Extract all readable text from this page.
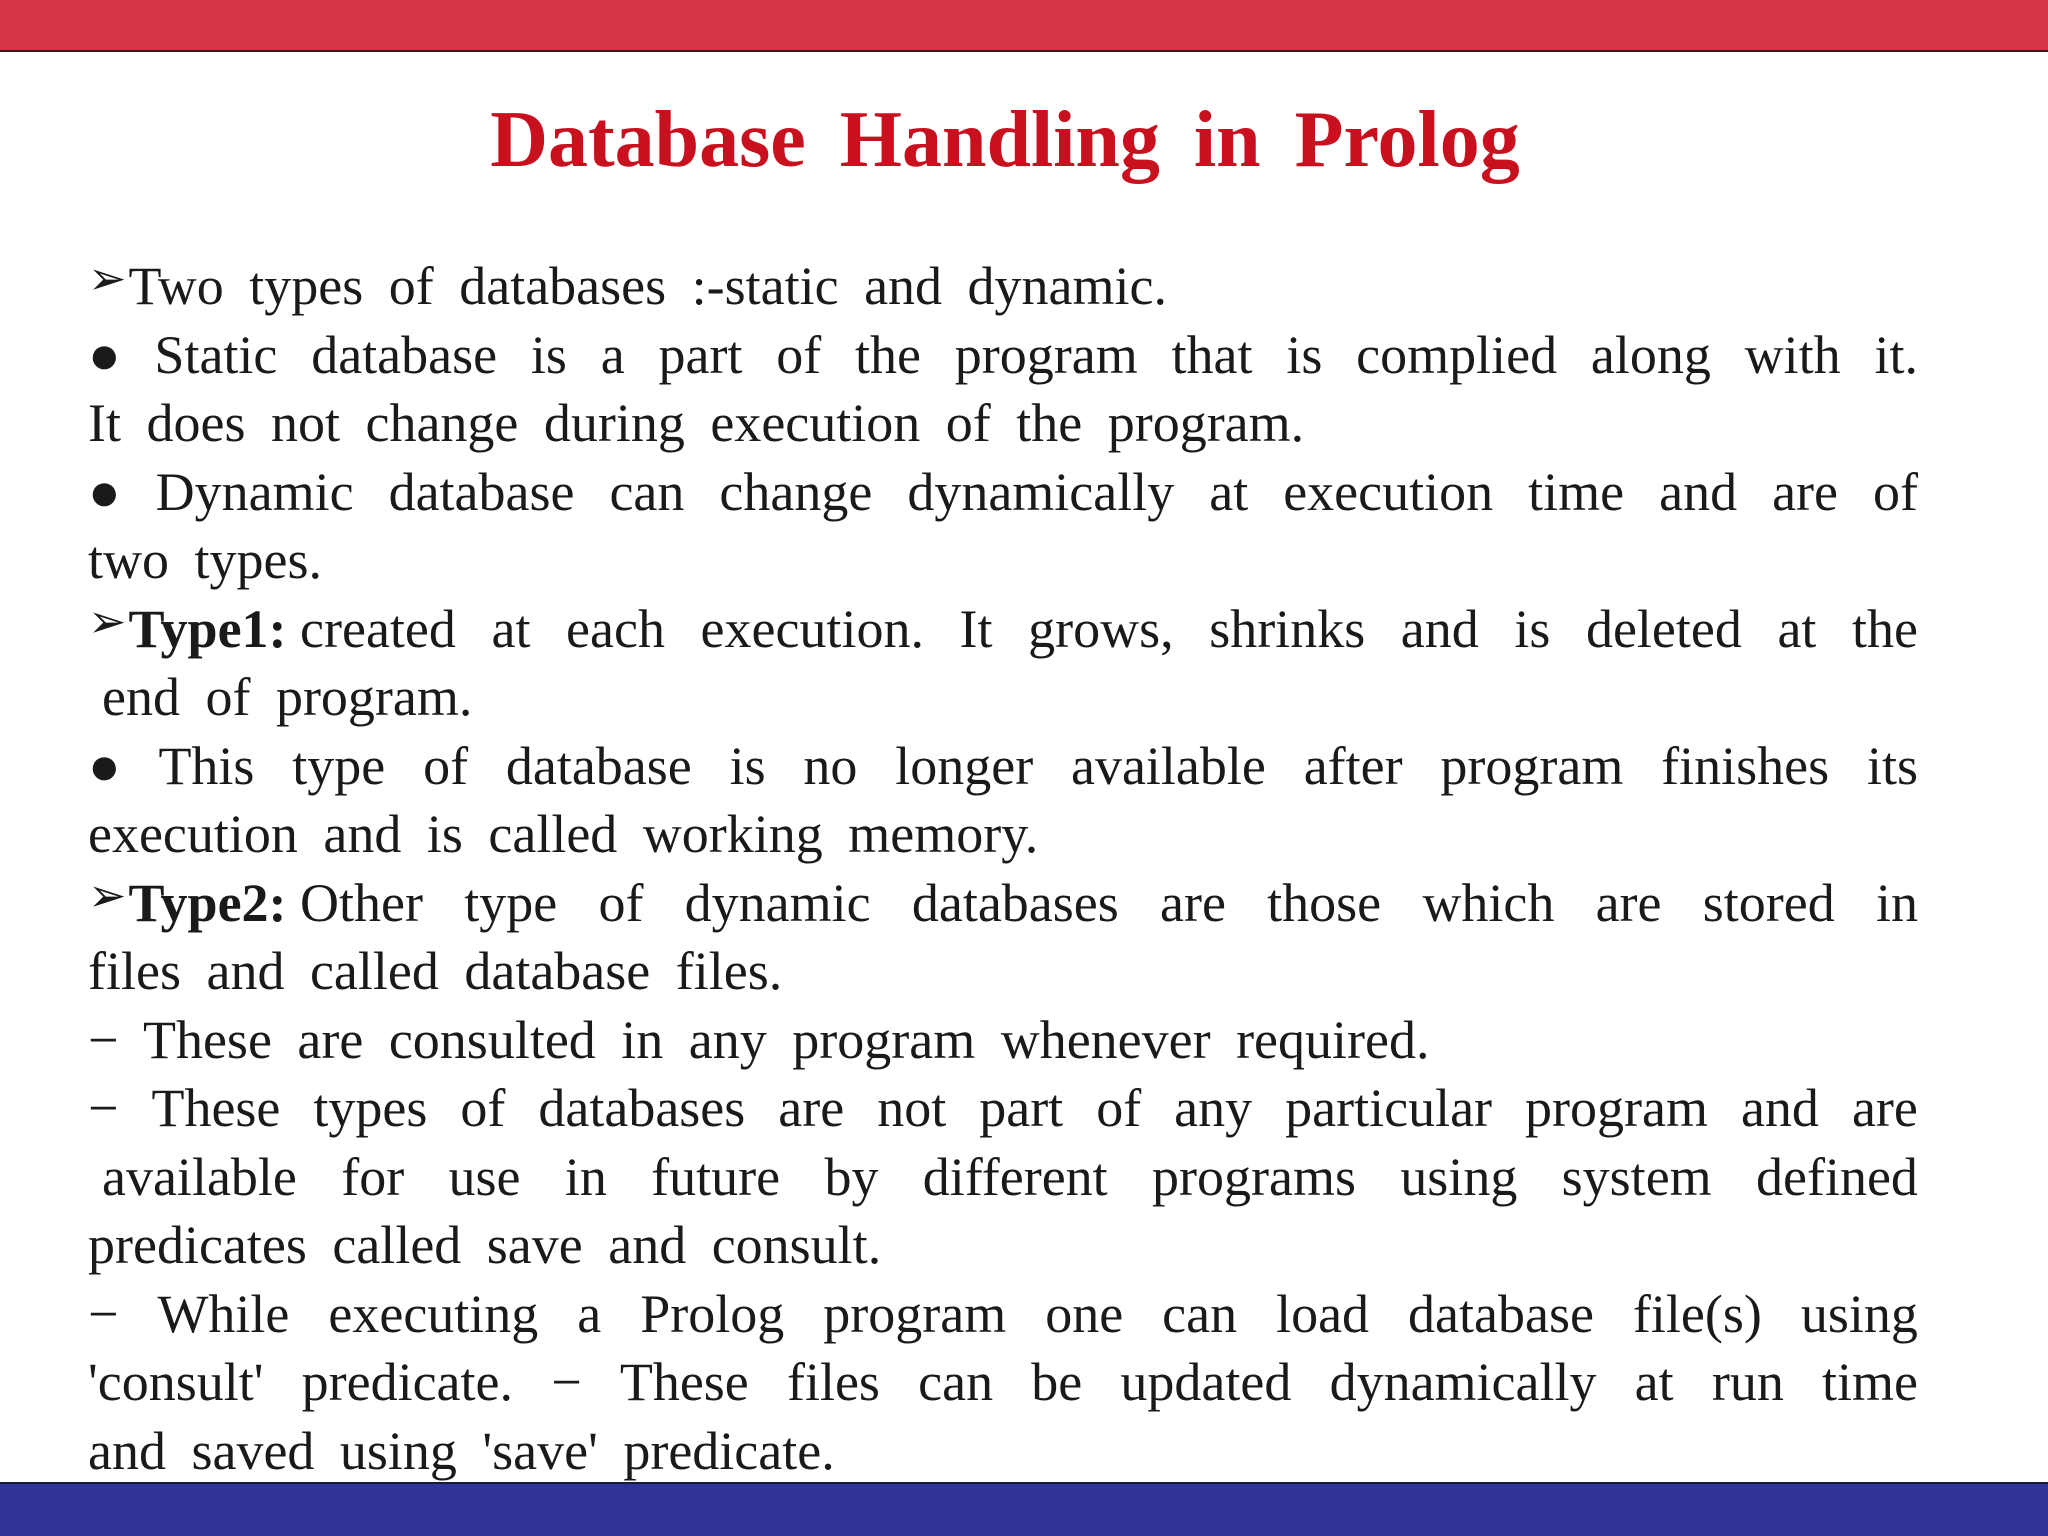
Database Handling in Prolog
➢Two types of databases :-static and dynamic.
● Static database is a part of the program that is complied along with it.
It does not change during execution of the program.
● Dynamic database can change dynamically at execution time and are of
two types.
➢Type1: created at each execution. It grows, shrinks and is deleted at the
end of program.
● This type of database is no longer available after program finishes its
execution and is called working memory.
➢Type2: Other type of dynamic databases are those which are stored in
files and called database files.
− These are consulted in any program whenever required.
− These types of databases are not part of any particular program and are
available for use in future by different programs using system defined
predicates called save and consult.
− While executing a Prolog program one can load database file(s) using
'consult' predicate. − These files can be updated dynamically at run time
and saved using 'save' predicate.
